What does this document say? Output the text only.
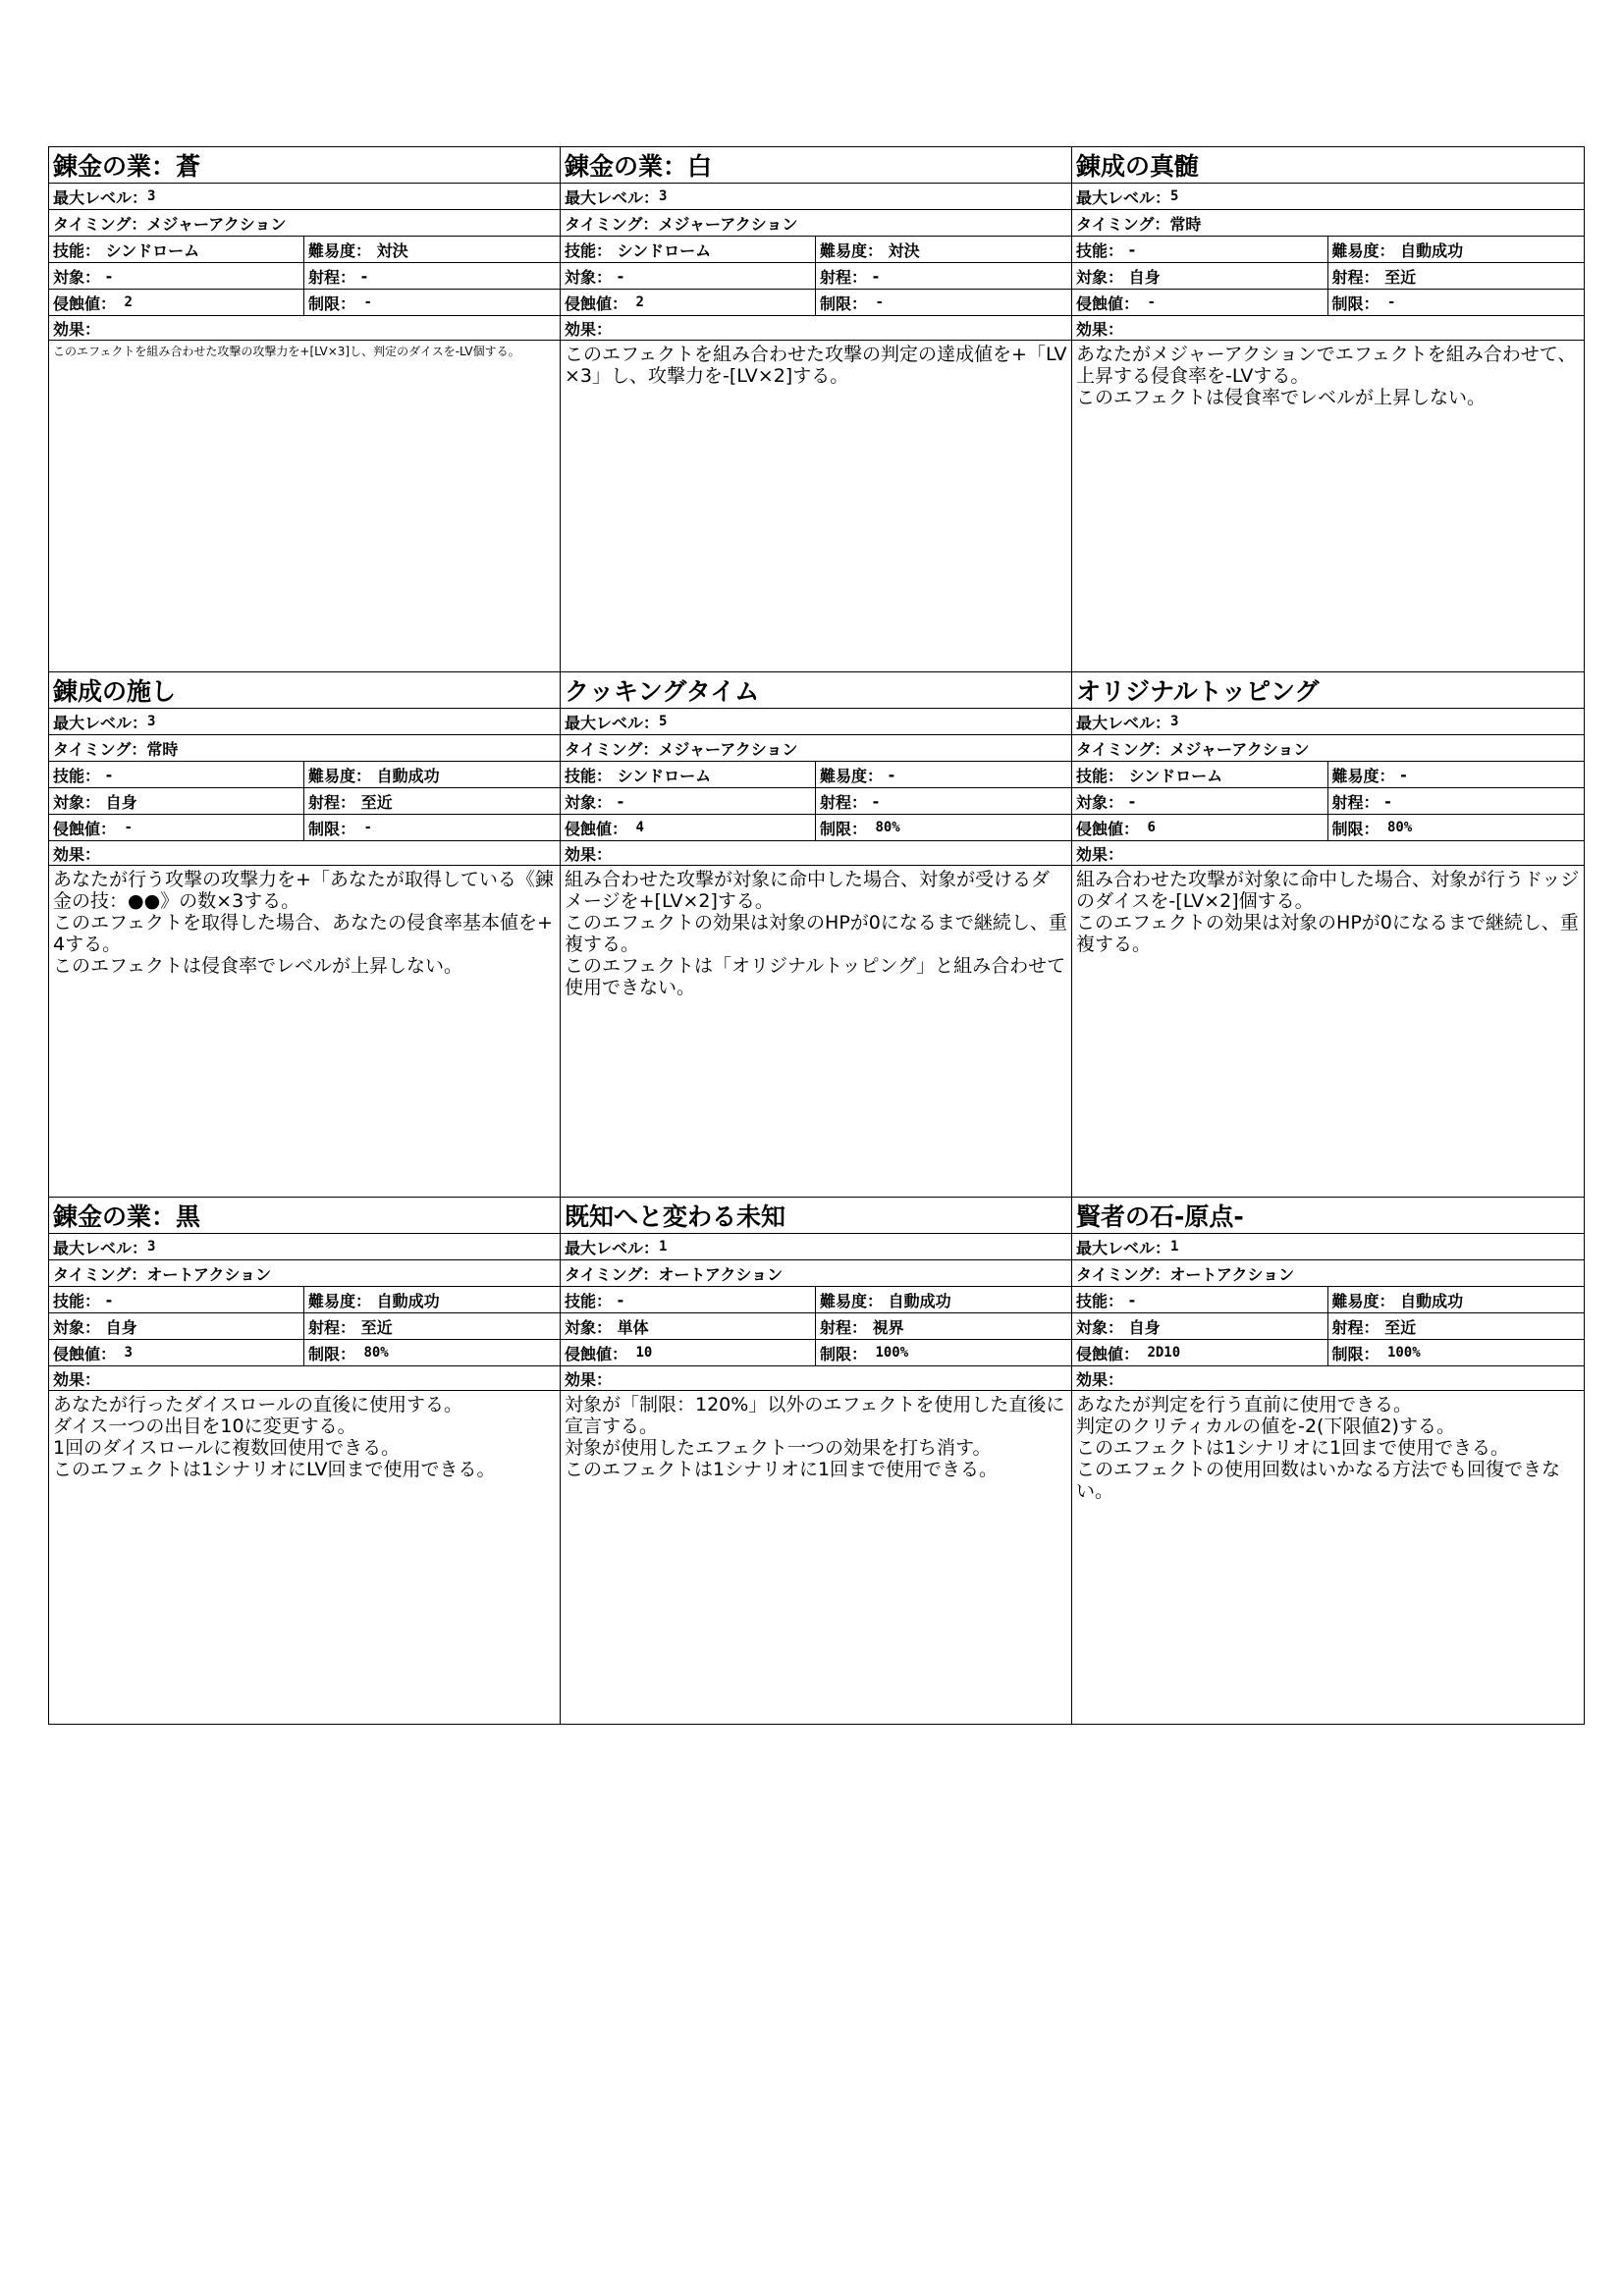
錬金の業：蒼
最大レベル： 3
タイミング： メジャーアクション
技能： シンドローム	難易度： 対決
対象： -	射程： -
侵蝕値： 2	制限： -
効果：
このエフェクトを組み合わせた攻撃の攻撃力を+[LV×3]し、判定のダイスを-LV個する。
錬金の業：白
最大レベル： 3
タイミング： メジャーアクション
技能： シンドローム	難易度： 対決
対象： -	射程： -
侵蝕値： 2	制限： -
効果：
このエフェクトを組み合わせた攻撃の判定の達成値を+「LV×3」し、攻撃力を-[LV×2]する。
錬成の真髄
最大レベル： 5
タイミング： 常時
技能： -	難易度： 自動成功
対象： 自身	射程： 至近
侵蝕値： -	制限： -
効果：
あなたがメジャーアクションでエフェクトを組み合わせて、上昇する侵食率を-LVする。
このエフェクトは侵食率でレベルが上昇しない。
錬成の施し
最大レベル： 3
タイミング： 常時
技能： -	難易度： 自動成功
対象： 自身	射程： 至近
侵蝕値： -	制限： -
効果：
あなたが行う攻撃の攻撃力を+「あなたが取得している《錬金の技：●●》の数×3する。
このエフェクトを取得した場合、あなたの侵食率基本値を+4する。
このエフェクトは侵食率でレベルが上昇しない。
クッキングタイム
最大レベル： 5
タイミング： メジャーアクション
技能： シンドローム	難易度： -
対象： -	射程： -
侵蝕値： 4	制限： 80%
効果：
組み合わせた攻撃が対象に命中した場合、対象が受けるダメージを+[LV×2]する。
このエフェクトの効果は対象のHPが0になるまで継続し、重複する。
このエフェクトは「オリジナルトッピング」と組み合わせて使用できない。
オリジナルトッピング
最大レベル： 3
タイミング： メジャーアクション
技能： シンドローム	難易度： -
対象： -	射程： -
侵蝕値： 6	制限： 80%
効果：
組み合わせた攻撃が対象に命中した場合、対象が行うドッジのダイスを-[LV×2]個する。
このエフェクトの効果は対象のHPが0になるまで継続し、重複する。
錬金の業：黒
最大レベル： 3
タイミング： オートアクション
技能： -	難易度： 自動成功
対象： 自身	射程： 至近
侵蝕値： 3	制限： 80%
効果：
あなたが行ったダイスロールの直後に使用する。
ダイス一つの出目を10に変更する。
1回のダイスロールに複数回使用できる。
このエフェクトは1シナリオにLV回まで使用できる。
既知へと変わる未知
最大レベル： 1
タイミング： オートアクション
技能： -	難易度： 自動成功
対象： 単体	射程： 視界
侵蝕値： 10	制限： 100%
効果：
対象が「制限：120%」以外のエフェクトを使用した直後に宣言する。
対象が使用したエフェクト一つの効果を打ち消す。
このエフェクトは1シナリオに1回まで使用できる。
賢者の石-原点-
最大レベル： 1
タイミング： オートアクション
技能： -	難易度： 自動成功
対象： 自身	射程： 至近
侵蝕値： 2D10	制限： 100%
効果：
あなたが判定を行う直前に使用できる。
判定のクリティカルの値を-2(下限値2)する。
このエフェクトは1シナリオに1回まで使用できる。
このエフェクトの使用回数はいかなる方法でも回復できない。
